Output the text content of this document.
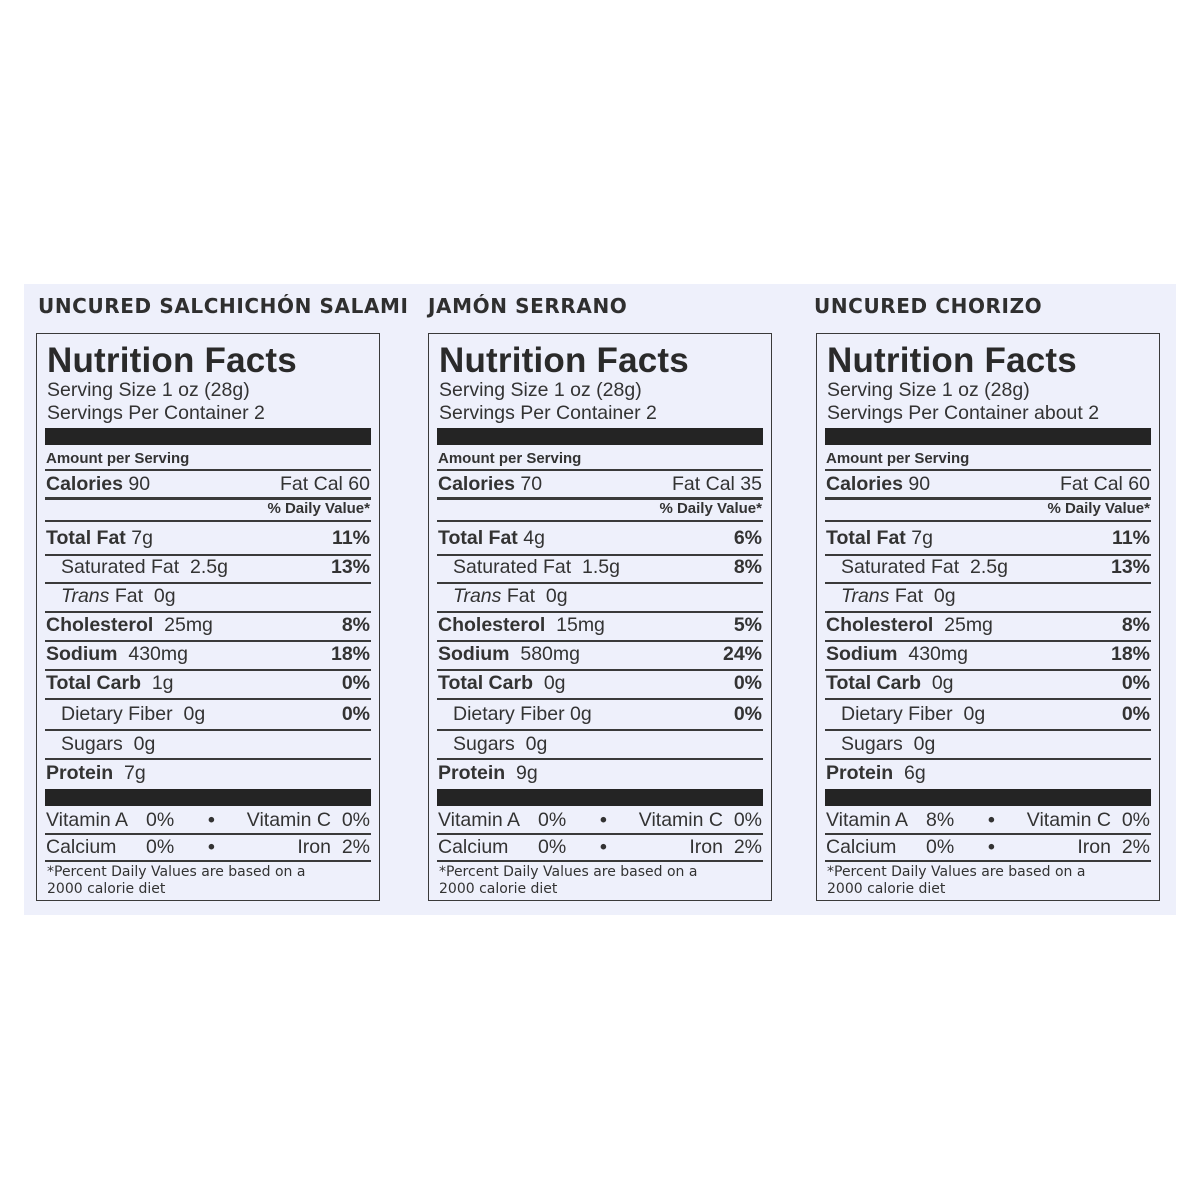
UNCURED SALCHICHÓN SALAMI
Nutrition Facts
Serving Size 1 oz (28g)
Servings Per Container 2
Amount per Serving
Calories 90	Fat Cal 60
% Daily Value*
Total Fat 7g	11%
Saturated Fat 2.5g	13%
Trans Fat 0g
Cholesterol 25mg	8%
Sodium 430mg	18%
Total Carb 1g	0%
Dietary Fiber 0g	0%
Sugars 0g
Protein 7g
Vitamin A 0% • Vitamin C 0%
Calcium 0% •	Iron 2%
*Percent Daily Values are based on a
2000 calorie diet
JAMÓN SERRANO
Nutrition Facts
Serving Size 1 oz (28g)
Servings Per Container 2
Amount per Serving
Calories 70	Fat Cal 35
% Daily Value*
Total Fat 4g	6%
Saturated Fat 1.5g	8%
Trans Fat 0g
Cholesterol 15mg	5%
Sodium 580mg	24%
Total Carb 0g	0%
Dietary Fiber 0g	0%
Sugars 0g
Protein 9g
Vitamin A 0% • Vitamin C 0%
Calcium 0% •	Iron 2%
*Percent Daily Values are based on a
2000 calorie diet
UNCURED CHORIZO
Nutrition Facts
Serving Size 1 oz (28g)
Servings Per Container about 2
Amount per Serving
Calories 90	Fat Cal 60
% Daily Value*
Total Fat 7g	11%
Saturated Fat 2.5g	13%
Trans Fat 0g
Cholesterol 25mg	8%
Sodium 430mg	18%
Total Carb 0g	0%
Dietary Fiber 0g	0%
Sugars 0g
Protein 6g
Vitamin A 8% • Vitamin C 0%
Calcium 0% •	Iron 2%
*Percent Daily Values are based on a
2000 calorie diet
